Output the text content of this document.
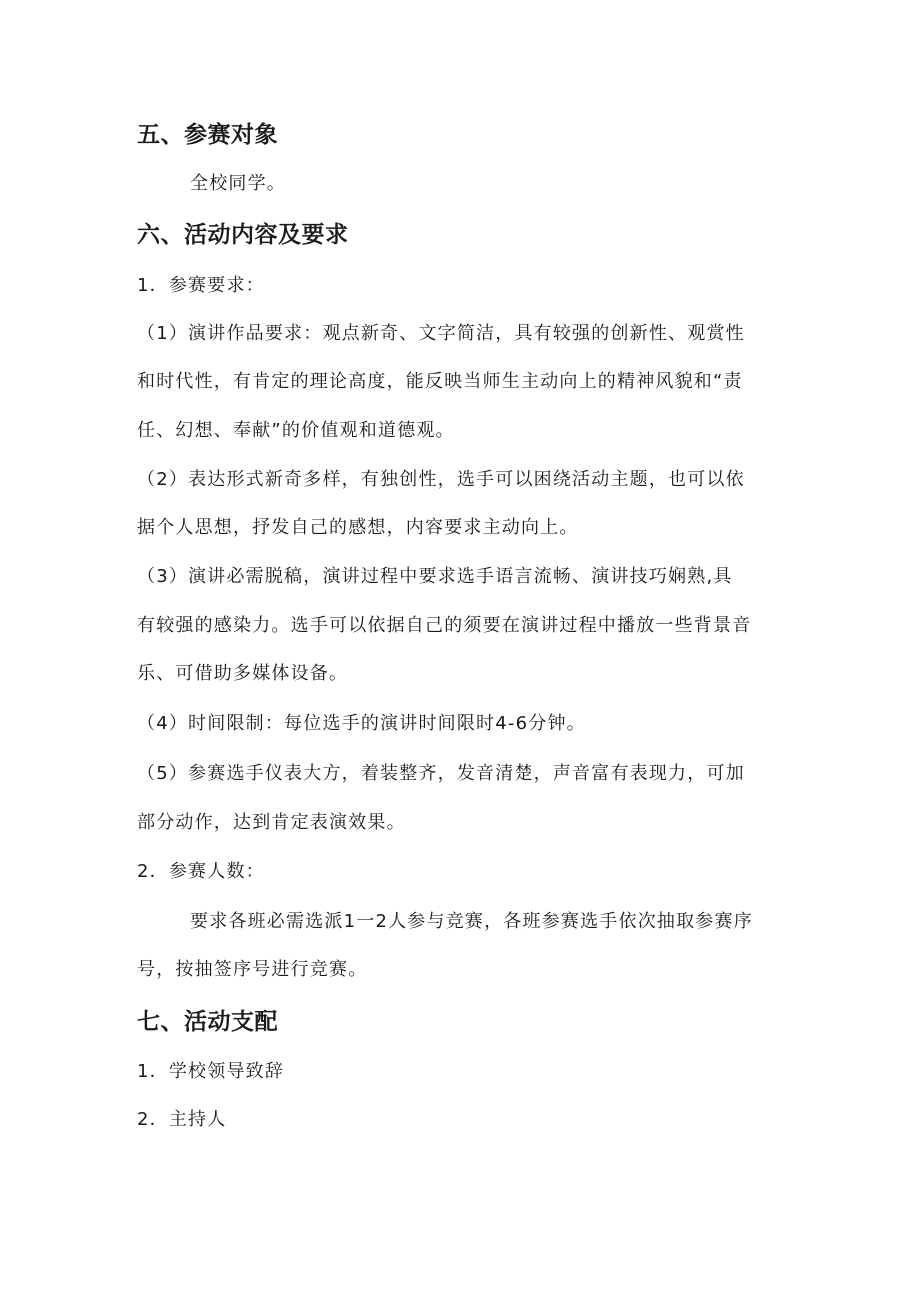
五、参赛对象
全校同学。
六、活动内容及要求
1．参赛要求：
（1）演讲作品要求：观点新奇、文字简洁，具有较强的创新性、观赏性
和时代性，有肯定的理论高度，能反映当师生主动向上的精神风貌和“责
任、幻想、奉献”的价值观和道德观。
（2）表达形式新奇多样，有独创性，选手可以困绕活动主题，也可以依
据个人思想，抒发自己的感想，内容要求主动向上。
（3）演讲必需脱稿，演讲过程中要求选手语言流畅、演讲技巧娴熟,具
有较强的感染力。选手可以依据自己的须要在演讲过程中播放一些背景音
乐、可借助多媒体设备。
（4）时间限制：每位选手的演讲时间限时4-6分钟。
（5）参赛选手仪表大方，着装整齐，发音清楚，声音富有表现力，可加
部分动作，达到肯定表演效果。
2．参赛人数：
要求各班必需选派1一2人参与竞赛，各班参赛选手依次抽取参赛序
号，按抽签序号进行竞赛。
七、活动支配
1．学校领导致辞
2．主持人
